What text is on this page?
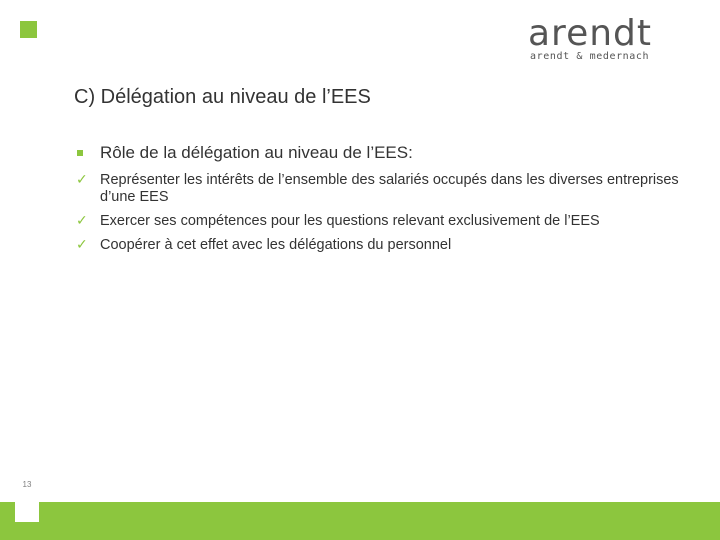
arendt
arendt & medernach
C) Délégation au niveau de l’EES
Rôle de la délégation au niveau de l’EES:
✓ Représenter les intérêts de l’ensemble des salariés occupés dans les diverses entreprises d’une EES
✓ Exercer ses compétences pour les questions relevant exclusivement de l’EES
✓ Coopérer à cet effet avec les délégations du personnel
13
